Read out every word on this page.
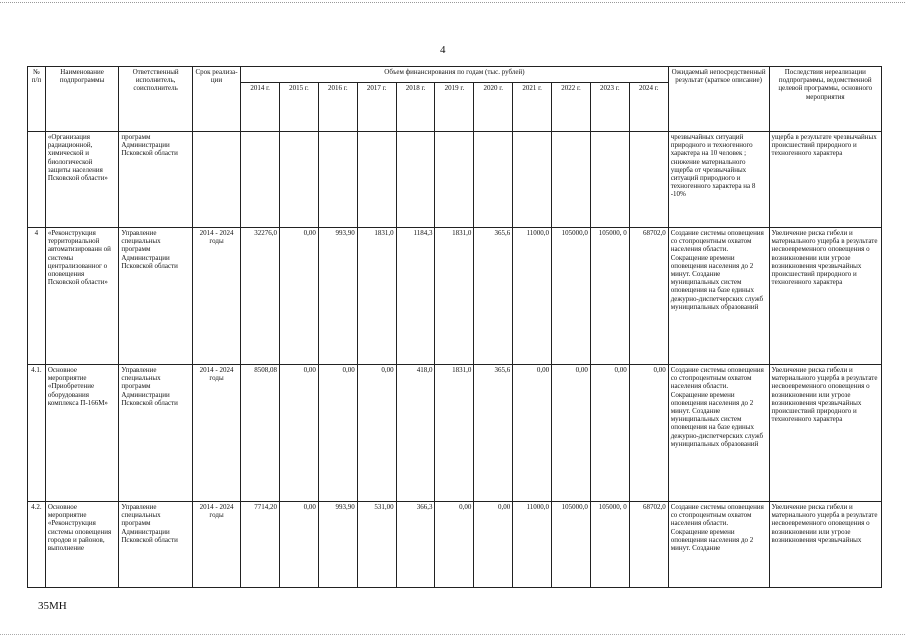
4
№ п/п	Наименование подпрограммы	Ответственный исполнитель, соисполнитель	Срок реализа-ции	Объем финансирования по годам (тыс. рублей)											Ожидаемый непосредственный результат (краткое описание)	Последствия нереализации подпрограммы, ведомственной целевой программы, основного мероприятия
				2014 г.	2015 г.	2016 г.	2017 г.	2018 г.	2019 г.	2020 г.	2021 г.	2022 г.	2023 г.	2024 г.		
	«Организация радиационной, химической и биологической защиты населения Псковской области»	программ Администрации Псковской области													чрезвычайных ситуаций природного и техногенного характера на 10 человек ; снижение материального ущерба от чрезвычайных ситуаций природного и техногенного характера на 8 -10%	ущерба в результате чрезвычайных происшествий природного и техногенного характера
4	«Реконструкция территориальной автоматизированн ой системы централизованног о оповещения Псковской области»	Управление специальных программ Администрации Псковской области	2014 - 2024 годы	32276,0	0,00	993,90	1831,0	1184,3	1831,0	365,6	11000,0	105000,0	105000, 0	68702,0	Создание системы оповещения со стопроцентным охватом населения области. Сокращение времени оповещения населения до 2 минут. Создание муниципальных систем оповещения на базе единых дежурно-диспетчерских служб муниципальных образований	Увеличение риска гибели и материального ущерба в результате несвоевременного оповещения о возникновении или угрозе возникновения чрезвычайных происшествий природного и техногенного характера
4.1.	Основное мероприятие «Приобретение оборудования комплекса П-166М»	Управление специальных программ Администрации Псковской области	2014 - 2024 годы	8508,08	0,00	0,00	0,00	418,0	1831,0	365,6	0,00	0,00	0,00	0,00	Создание системы оповещения со стопроцентным охватом населения области. Сокращение времени оповещения населения до 2 минут. Создание муниципальных систем оповещения на базе единых дежурно-диспетчерских служб муниципальных образований	Увеличение риска гибели и материального ущерба в результате несвоевременного оповещения о возникновении или угрозе возникновения чрезвычайных происшествий природного и техногенного характера
4.2.	Основное мероприятие «Реконструкция системы оповещения городов и районов, выполнение	Управление специальных программ Администрации Псковской области	2014 - 2024 годы	7714,20	0,00	993,90	531,00	366,3	0,00	0,00	11000,0	105000,0	105000, 0	68702,0	Создание системы оповещения со стопроцентным охватом населения области. Сокращение времени оповещения населения до 2 минут. Создание	Увеличение риска гибели и материального ущерба в результате несвоевременного оповещения о возникновении или угрозе возникновения чрезвычайных
35МН
